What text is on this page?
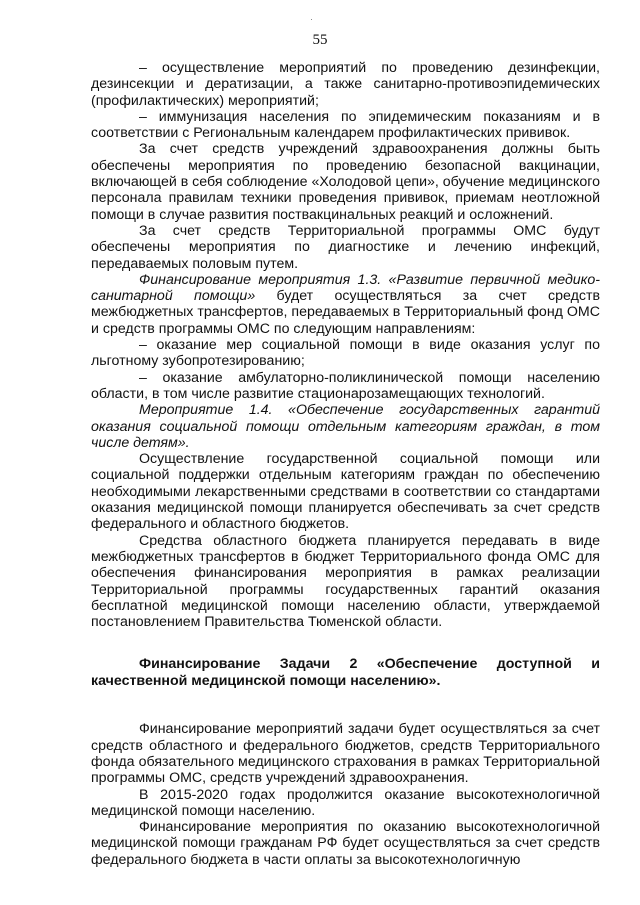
·
55

– осуществление мероприятий по проведению дезинфекции, дезинсекции и дератизации, а также санитарно-противоэпидемических (профилактических) мероприятий;

– иммунизация населения по эпидемическим показаниям и в соответствии с Региональным календарем профилактических прививок.

За счет средств учреждений здравоохранения должны быть обеспечены мероприятия по проведению безопасной вакцинации, включающей в себя соблюдение «Холодовой цепи», обучение медицинского персонала правилам техники проведения прививок, приемам неотложной помощи в случае развития поствакцинальных реакций и осложнений.

За счет средств Территориальной программы ОМС будут обеспечены мероприятия по диагностике и лечению инфекций, передаваемых половым путем.

Финансирование мероприятия 1.3. «Развитие первичной медико-санитарной помощи» будет осуществляться за счет средств межбюджетных трансфертов, передаваемых в Территориальный фонд ОМС и средств программы ОМС по следующим направлениям:

– оказание мер социальной помощи в виде оказания услуг по льготному зубопротезированию;

– оказание амбулаторно-поликлинической помощи населению области, в том числе развитие стационарозамещающих технологий.

Мероприятие 1.4. «Обеспечение государственных гарантий оказания социальной помощи отдельным категориям граждан, в том числе детям».

Осуществление государственной социальной помощи или социальной поддержки отдельным категориям граждан по обеспечению необходимыми лекарственными средствами в соответствии со стандартами оказания медицинской помощи планируется обеспечивать за счет средств федерального и областного бюджетов.

Средства областного бюджета планируется передавать в виде межбюджетных трансфертов в бюджет Территориального фонда ОМС для обеспечения финансирования мероприятия в рамках реализации Территориальной программы государственных гарантий оказания бесплатной медицинской помощи населению области, утверждаемой постановлением Правительства Тюменской области.

Финансирование Задачи 2 «Обеспечение доступной и качественной медицинской помощи населению».

Финансирование мероприятий задачи будет осуществляться за счет средств областного и федерального бюджетов, средств Территориального фонда обязательного медицинского страхования в рамках Территориальной программы ОМС, средств учреждений здравоохранения.

В 2015-2020 годах продолжится оказание высокотехнологичной медицинской помощи населению.

Финансирование мероприятия по оказанию высокотехнологичной медицинской помощи гражданам РФ будет осуществляться за счет средств федерального бюджета в части оплаты за высокотехнологичную
